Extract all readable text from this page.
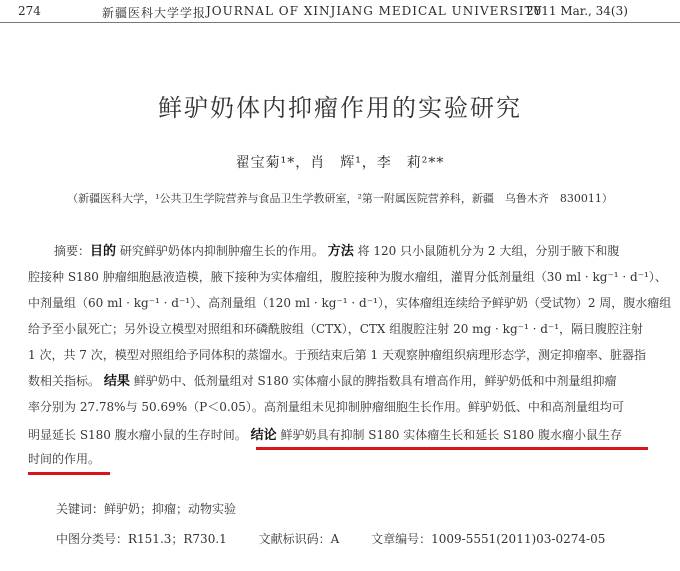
274	新疆医科大学学报 JOURNAL OF XINJIANG MEDICAL UNIVERSITY
2011 Mar., 34(3)
鲜驴奶体内抑瘤作用的实验研究
翟宝菊¹*，肖　辉¹，李　莉²**
（新疆医科大学，¹公共卫生学院营养与食品卫生学教研室，²第一附属医院营养科，新疆　乌鲁木齐　830011）
摘要：目的 研究鲜驴奶体内抑制肿瘤生长的作用。 方法 将 120 只小鼠随机分为 2 大组，分别于腋下和腹
腔接种 S180 肿瘤细胞悬液造模，腋下接种为实体瘤组，腹腔接种为腹水瘤组，灌胃分低剂量组（30 ml · kg⁻¹ · d⁻¹）、
中剂量组（60 ml · kg⁻¹ · d⁻¹）、高剂量组（120 ml · kg⁻¹ · d⁻¹），实体瘤组连续给予鲜驴奶（受试物）2 周，腹水瘤组
给予至小鼠死亡；另外设立模型对照组和环磷酰胺组（CTX），CTX 组腹腔注射 20 mg · kg⁻¹ · d⁻¹，隔日腹腔注射
1 次，共 7 次，模型对照组给予同体积的蒸馏水。于预结束后第 1 天观察肿瘤组织病理形态学，测定抑瘤率、脏器指
数相关指标。 结果 鲜驴奶中、低剂量组对 S180 实体瘤小鼠的脾指数具有增高作用，鲜驴奶低和中剂量组抑瘤
率分别为 27.78%与 50.69%（P＜0.05）。高剂量组未见抑制肿瘤细胞生长作用。鲜驴奶低、中和高剂量组均可
明显延长 S180 腹水瘤小鼠的生存时间。 结论 鲜驴奶具有抑制 S180 实体瘤生长和延长 S180 腹水瘤小鼠生存
时间的作用。
关键词：鲜驴奶；抑瘤；动物实验
中图分类号：R151.3；R730.1	文献标识码：A	文章编号：1009-5551(2011)03-0274-05
